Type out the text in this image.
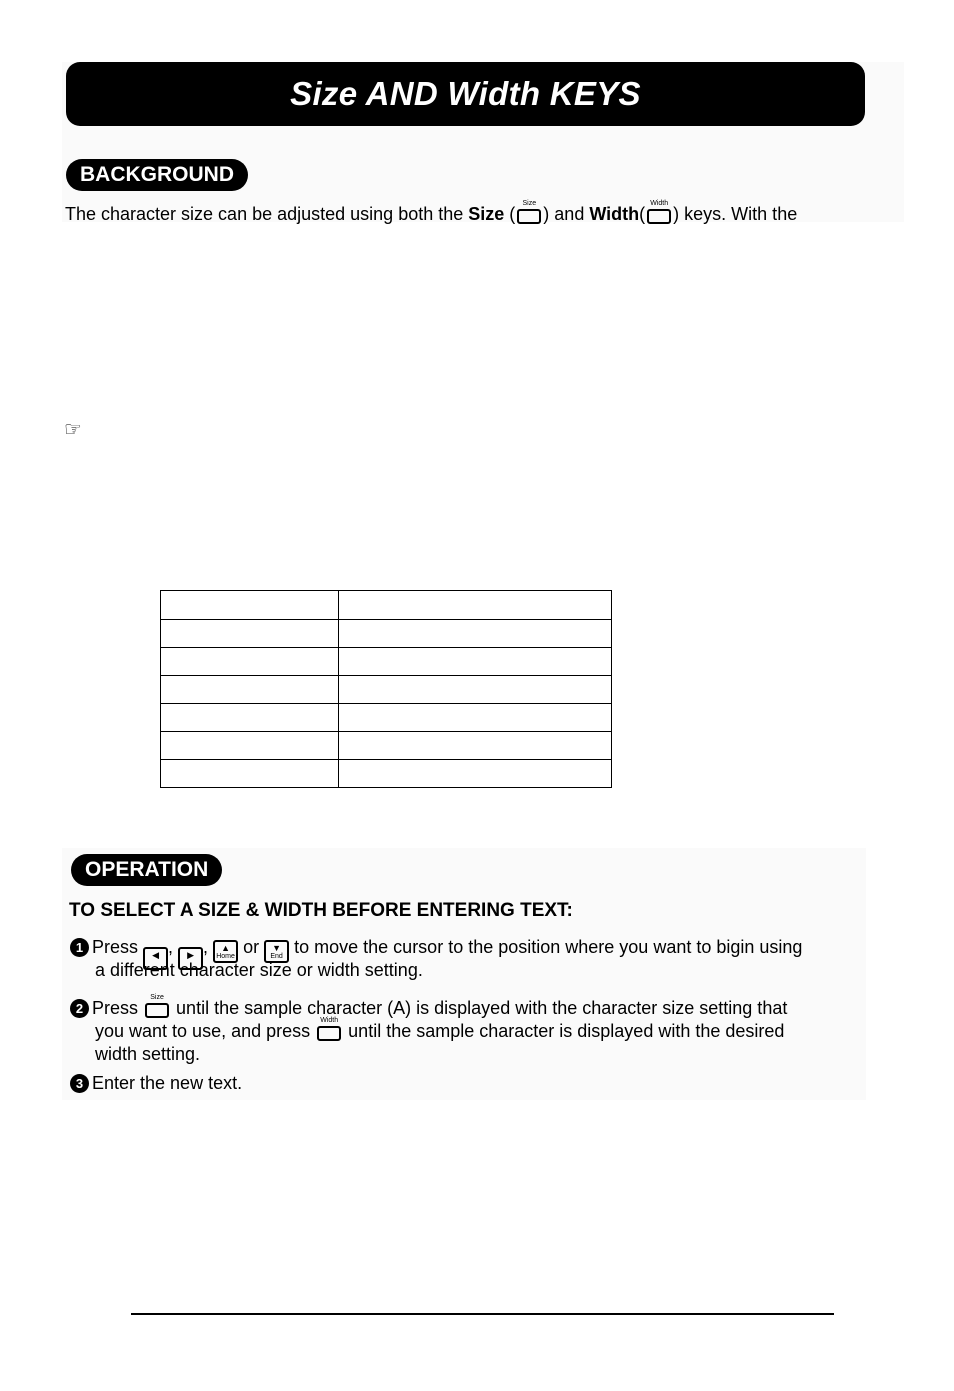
Size AND Width KEYS
BACKGROUND
The character size can be adjusted using both the Size (
Size
) and Width(
Width
) keys. With the
☞

OPERATION
TO SELECT A SIZE & WIDTH BEFORE ENTERING TEXT:
1 Press	◀ ,	▶ , ▲
Home or	▼
End to move the cursor to the position where you want to bigin using
a different character size or width setting.
2 Press
Size
until the sample character (A) is displayed with the character size setting that
you want to use, and press
Width
until the sample character is displayed with the desired
width setting.
3 Enter the new text.
